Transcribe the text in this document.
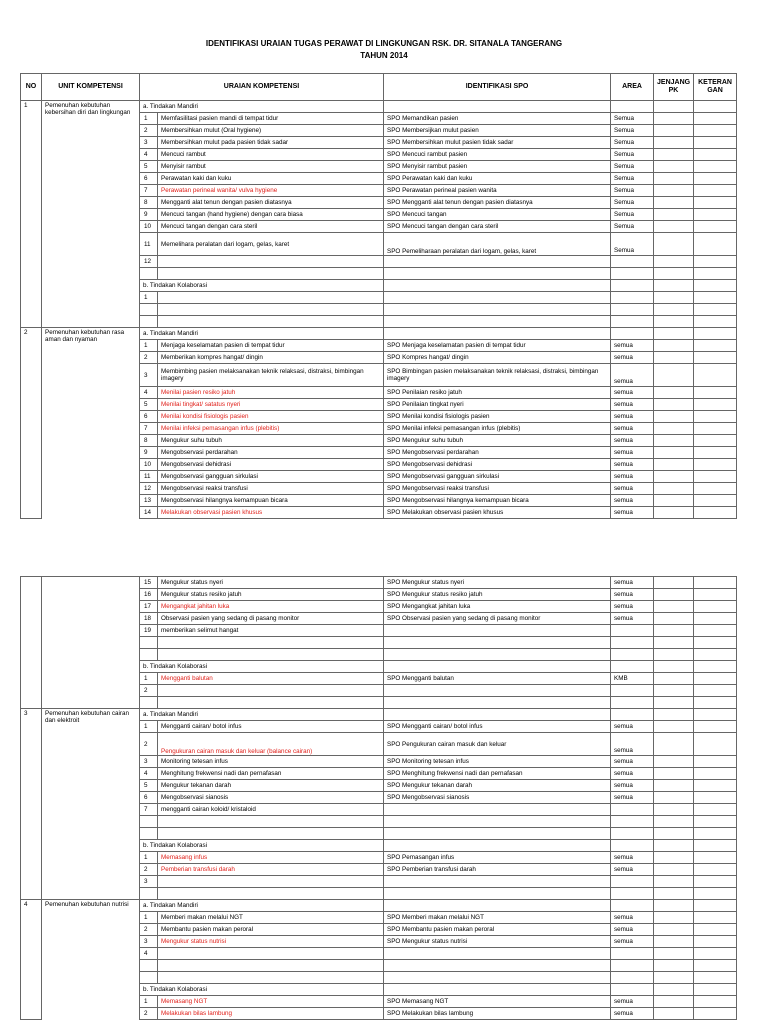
IDENTIFIKASI URAIAN TUGAS PERAWAT DI LINGKUNGAN RSK. DR. SITANALA TANGERANG
TAHUN 2014
NO	UNIT KOMPETENSI	URAIAN KOMPETENSI		IDENTIFIKASI SPO	AREA	JENJANG PK	KETERAN GAN
1	Pemenuhan kebutuhan kebersihan diri dan lingkungan	a. Tindakan Mandiri					
		1	Memfasilitasi pasien mandi di tempat tidur	SPO Memandikan pasien	Semua		
		2	Membersihkan mulut (Oral hygiene)	SPO Membersijkan mulut pasien	Semua		
		3	Membersihkan mulut pada pasien tidak sadar	SPO Membersihkan mulut pasien tidak sadar	Semua		
		4	Mencuci rambut	SPO Mencuci rambut pasien	Semua		
		5	Menyisir rambut	SPO Menyisir rambut pasien	Semua		
		6	Perawatan kaki dan kuku	SPO Perawatan kaki dan kuku	Semua		
		7	Perawatan perineal wanita/ vulva hygiene	SPO Perawatan perineal pasien wanita	Semua		
		8	Mengganti alat tenun dengan pasien diatasnya	SPO Mengganti alat tenun dengan pasien diatasnya	Semua		
		9	Mencuci tangan (hand hygiene) dengan cara biasa	SPO Mencuci tangan	Semua		
		10	Mencuci tangan dengan cara steril	SPO Mencuci tangan dengan cara steril	Semua		
		11	Memelihara peralatan dari logam, gelas, karet	SPO Pemeliharaan peralatan dari logam, gelas, karet	Semua		
		12					

		b. Tindakan Kolaborasi					
		1					

2	Pemenuhan kebutuhan rasa aman dan nyaman	a. Tindakan Mandiri					
		1	Menjaga keselamatan pasien di tempat tidur	SPO Menjaga keselamatan pasien di tempat tidur	semua		
		2	Memberikan kompres hangat/ dingin	SPO Kompres hangat/ dingin	semua		
		3	Membimbing pasien melaksanakan teknik relaksasi, distraksi, bimbingan imagery	SPO Bimbingan pasien melaksanakan teknik relaksasi, distraksi, bimbingan imagery	semua		
		4	Menilai pasien resiko jatuh	SPO Penilaian resiko jatuh	semua		
		5	Menilai tingkat/ satatus nyeri	SPO Penilaian tingkat nyeri	semua		
		6	Menilai kondisi fisiologis pasien	SPO Menilai kondisi fisiologis pasien	semua		
		7	Menilai infeksi pemasangan infus (plebitis)	SPO Menilai infeksi pemasangan infus (plebitis)	semua		
		8	Mengukur suhu tubuh	SPO Mengukur suhu tubuh	semua		
		9	Mengobservasi perdarahan	SPO Mengobservasi perdarahan	semua		
		10	Mengobservasi dehidrasi	SPO Mengobservasi dehidrasi	semua		
		11	Mengobservasi gangguan sirkulasi	SPO Mengobservasi gangguan sirkulasi	semua		
		12	Mengobservasi reaksi transfusi	SPO Mengobservasi reaksi transfusi	semua		
		13	Mengobservasi hilangnya kemampuan bicara	SPO Mengobservasi hilangnya kemampuan bicara	semua		
		14	Melakukan observasi pasien khusus	SPO Melakukan observasi pasien khusus	semua		
		15	Mengukur status nyeri	SPO Mengukur status nyeri	semua		
		16	Mengukur status resiko jatuh	SPO Mengukur status resiko jatuh	semua		
		17	Mengangkat jahitan luka	SPO Mengangkat jahitan luka	semua		
		18	Observasi pasien yang sedang di pasang monitor	SPO Observasi pasien yang sedang di pasang monitor	semua		
		19	memberikan selimut hangat				

		b. Tindakan Kolaborasi					
		1	Mengganti balutan	SPO Mengganti balutan	KMB		
		2					

3	Pemenuhan kebutuhan cairan dan elektroit	a. Tindakan Mandiri					
		1	Mengganti cairan/ botol infus	SPO Mengganti cairan/ botol infus	semua		
		2	Pengukuran cairan masuk dan keluar (balance cairan)	SPO Pengukuran cairan masuk dan keluar	semua		
		3	Monitoring tetesan infus	SPO Monitoring tetesan infus	semua		
		4	Menghitung frekwensi nadi dan pernafasan	SPO Menghitung frekwensi nadi dan pernafasan	semua		
		5	Mengukur tekanan darah	SPO Mengukur tekanan darah	semua		
		6	Mengobservasi sianosis	SPO Mengobservasi sianosis	semua		
		7	mengganti cairan koloid/ kristaloid				

		b. Tindakan Kolaborasi					
		1	Memasang infus	SPO Pemasangan infus	semua		
		2	Pemberian transfusi darah	SPO Pemberian transfusi darah	semua		
		3					

4	Pemenuhan kebutuhan nutrisi	a. Tindakan Mandiri					
		1	Memberi makan melalui NGT	SPO Memberi makan melalui NGT	semua		
		2	Membantu pasien makan peroral	SPO Membantu pasien makan peroral	semua		
		3	Mengukur status nutrisi	SPO Mengukur status nutrisi	semua		
		4					

		b. Tindakan Kolaborasi					
		1	Memasang NGT	SPO Memasang NGT	semua		
		2	Melakukan bilas lambung	SPO Melakukan bilas lambung	semua		
